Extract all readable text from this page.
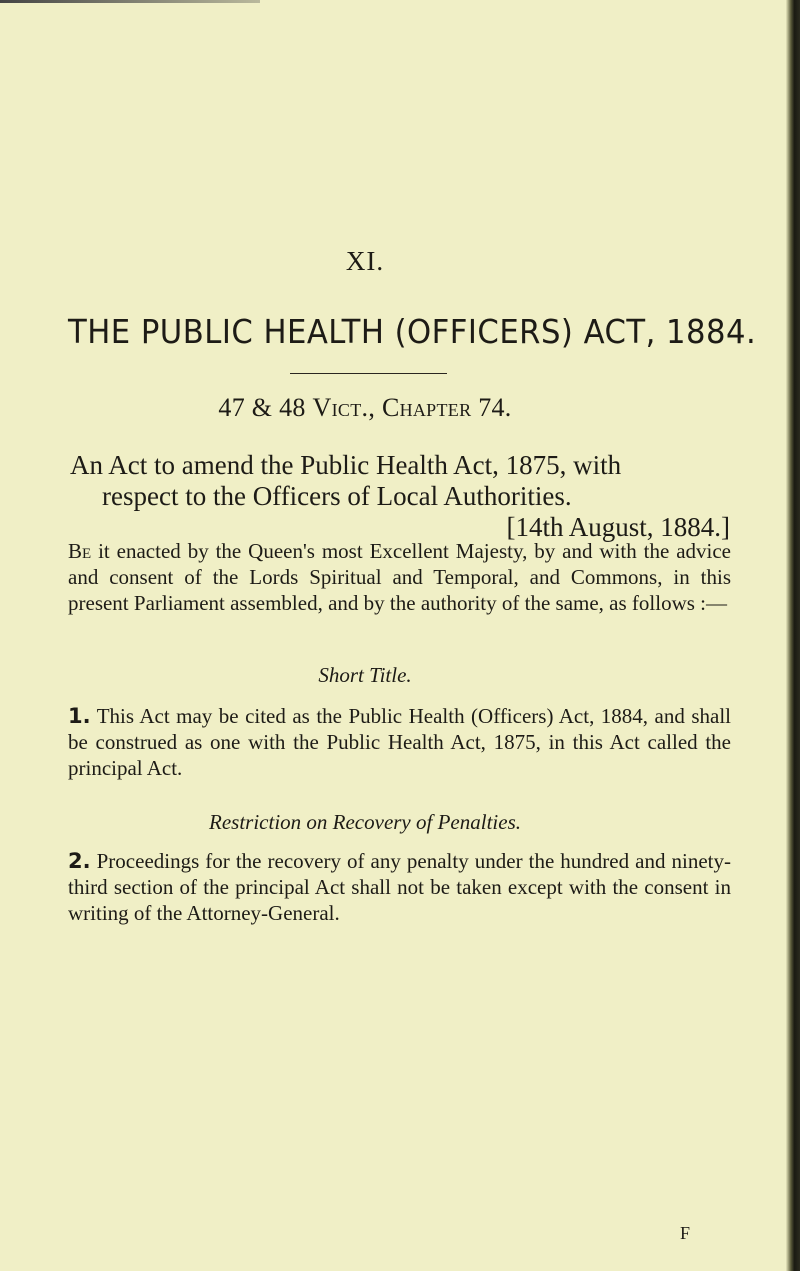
XI.
THE PUBLIC HEALTH (OFFICERS) ACT, 1884.
47 & 48 Vict., Chapter 74.
An Act to amend the Public Health Act, 1875, with
respect to the Officers of Local Authorities.
[14th August, 1884.]
Be it enacted by the Queen's most Excellent Majesty, by and with the advice and consent of the Lords Spiritual and Temporal, and Commons, in this present Parliament assembled, and by the authority of the same, as follows :—
Short Title.
1. This Act may be cited as the Public Health (Officers) Act, 1884, and shall be construed as one with the Public Health Act, 1875, in this Act called the principal Act.
Restriction on Recovery of Penalties.
2. Proceedings for the recovery of any penalty under the hundred and ninety-third section of the principal Act shall not be taken except with the consent in writing of the Attorney-General.
F
